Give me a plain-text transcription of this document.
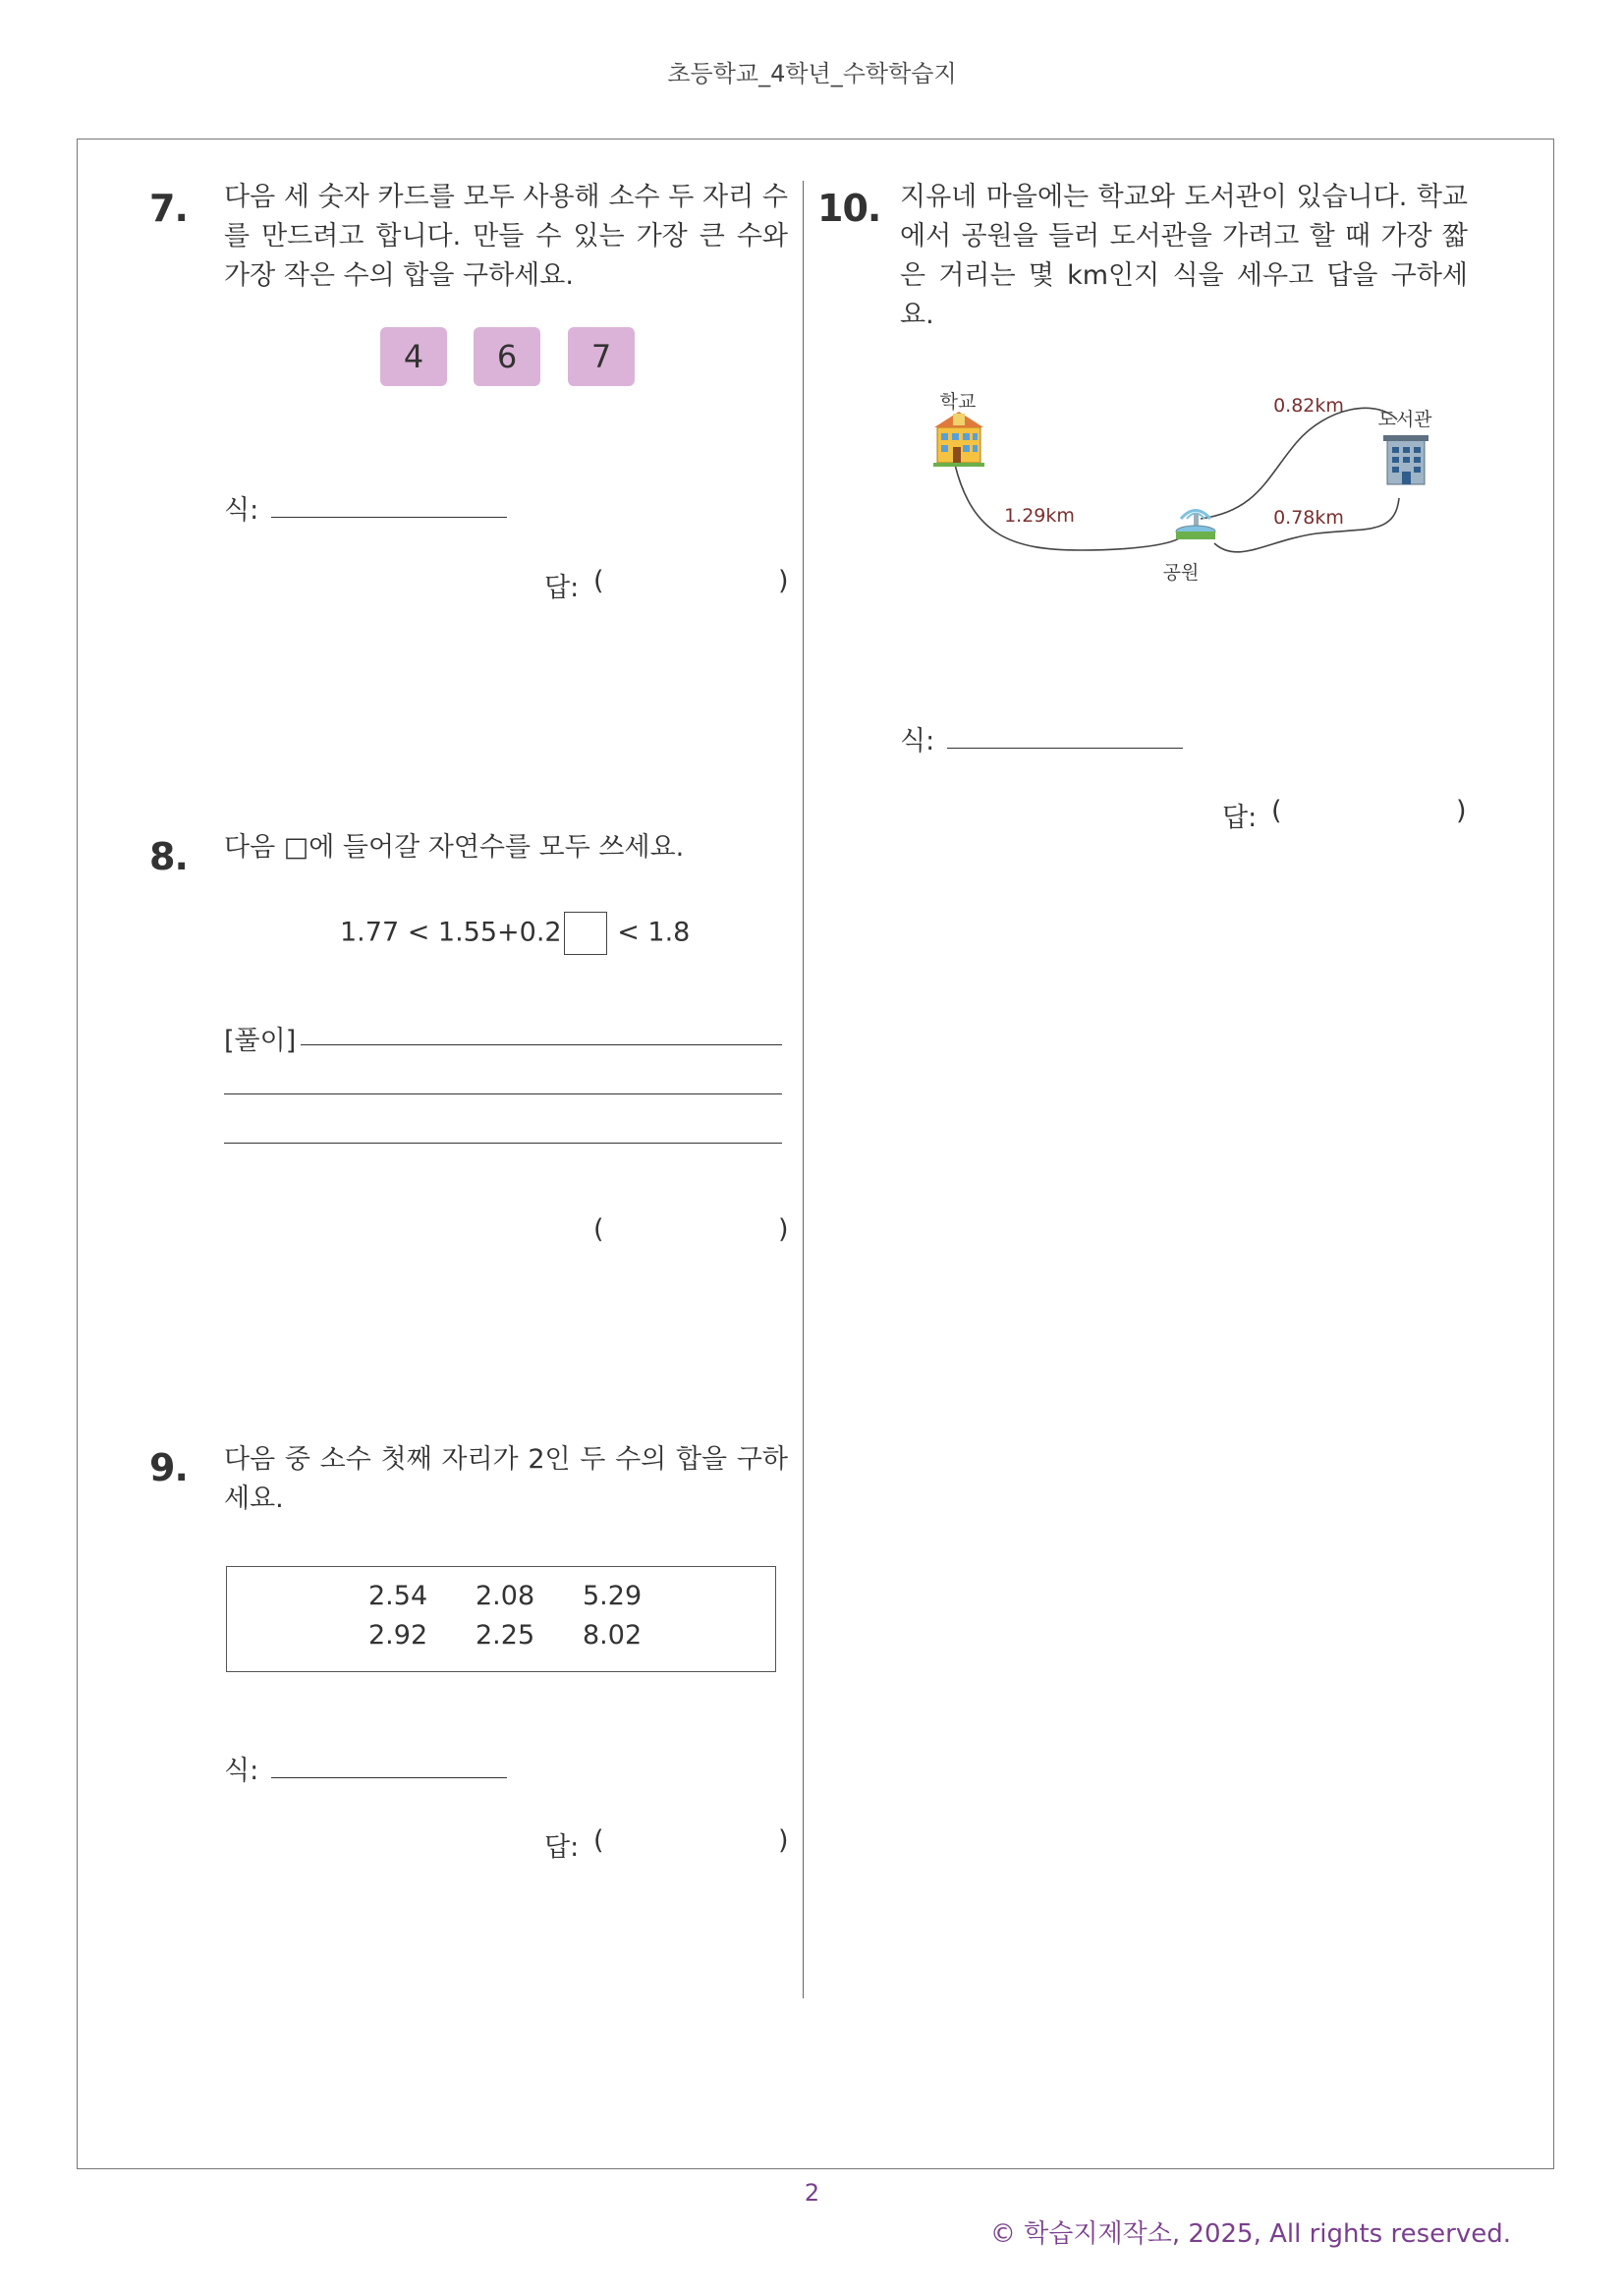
초등학교_4학년_수학학습지
7. 다음 세 숫자 카드를 모두 사용해 소수 두 자리 수를 만드려고 합니다. 만들 수 있는 가장 큰 수와 가장 작은 수의 합을 구하세요.
4	6	7
식:
답: (	)
8. 다음 □에 들어갈 자연수를 모두 쓰세요.
1.77 < 1.55+0.2 < 1.8
[풀이]
(	)
9. 다음 중 소수 첫째 자리가 2인 두 수의 합을 구하세요.
2.54 2.08 5.29
2.92 2.25 8.02
식:
답: (	)
10. 지유네 마을에는 학교와 도서관이 있습니다. 학교에서 공원을 들러 도서관을 가려고 할 때 가장 짧은 거리는 몇 km인지 식을 세우고 답을 구하세요.
학교
도서관
공원
1.29km
0.82km
0.78km
식:
답: (	)
2
© 학습지제작소, 2025, All rights reserved.
